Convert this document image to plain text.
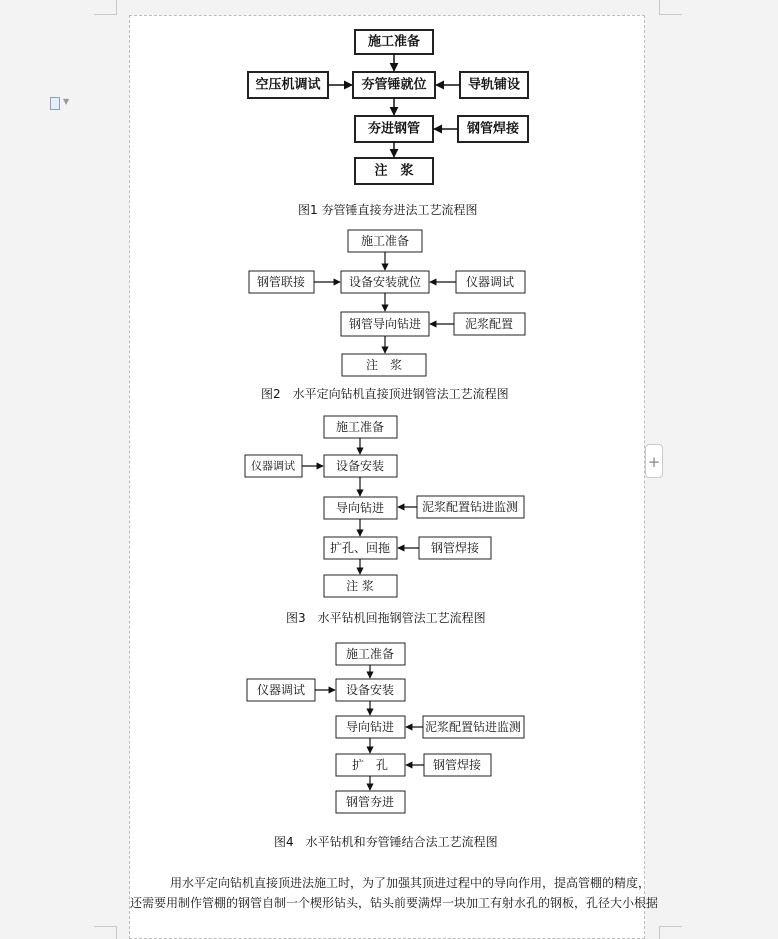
▼
+
施工准备
夯管锤就位
空压机调试	导轨铺设
夯进钢管	钢管焊接
注　浆
施工准备
设备安装就位
钢管联接	仪器调试
钢管导向钻进	泥浆配置
注　浆
施工准备
设备安装
仪器调试
导向钻进	泥浆配置钻进监测
扩孔、回拖	钢管焊接
注 浆
施工准备
设备安装
仪器调试
导向钻进	泥浆配置钻进监测
扩　孔	钢管焊接
钢管夯进
图1 夯管锤直接夯进法工艺流程图
图2　水平定向钻机直接顶进钢管法工艺流程图
图3　水平钻机回拖钢管法工艺流程图
图4　水平钻机和夯管锤结合法工艺流程图
用水平定向钻机直接顶进法施工时，为了加强其顶进过程中的导向作用，提高管棚的精度，
还需要用制作管棚的钢管自制一个楔形钻头，钻头前要满焊一块加工有射水孔的钢板，孔径大小根据
